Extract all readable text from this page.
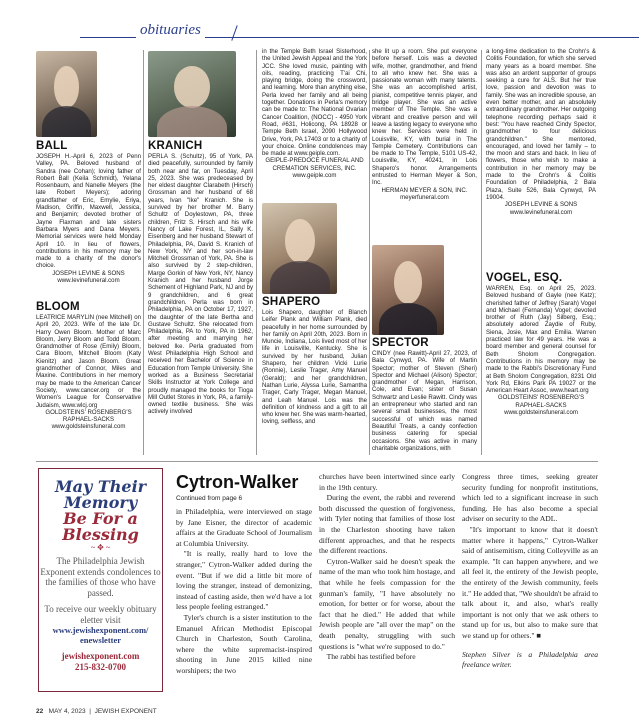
obituaries
BALL
JOSEPH H.-April 6, 2023 of Penn Valley, PA. Beloved husband of Sandra (nee Cohan); loving father of Robert Ball (Keila Schmidt), Yelana Rosenbaum, and Nanelle Meyers (the late Robert Meyers); adoring grandfather of Eric, Emylie, Eriya, Madison, Griffin, Maxwell, Jessica, and Benjamin; devoted brother of Jayne Flaxman and late sisters Barbara Myers and Dana Meyers. Memorial services were held Monday April 10. In lieu of flowers, contributions in his memory may be made to a charity of the donor's choice.
JOSEPH LEVINE & SONS
www.levinefuneral.com
BLOOM
LEATRICE MARYLIN (nee Mitchell) on April 20, 2023. Wife of the late Dr. Harry Owen Bloom. Mother of Marc Bloom, Jerry Bloom and Todd Bloom. Grandmother of Rose (Emily) Bloom, Cara Bloom, Mitchell Bloom (Katy Kienitz) and Jason Bloom. Great grandmother of Connor, Miles and Maxine. Contributions in her memory may be made to the American Cancer Society, www.cancer.org or the Women's League for Conservative Judaism, www.wlcj.org
GOLDSTEINS' ROSENBERG'S RAPHAEL-SACKS
www.goldsteinsfuneral.com
KRANICH
PERLA S. (Schultz), 95 of York, PA died peacefully, surrounded by family both near and far, on Tuesday, April 25, 2023. She was predeceased by her eldest daughter Clarabeth (Hirsch) Grossman and her husband of 68 years, Ivan "Ike" Kranich. She is survived by her brother M. Barry Schultz of Doylestown, PA, three children, Fritz S. Hirsch and his wife Nancy of Lake Forest, IL, Sally K. Eisenberg and her husband Stewart of Philadelphia, PA, David S. Kranich of New York, NY and her son-in-law Mitchell Grossman of York, PA. She is also survived by 2 step-children, Marge Gorkin of New York, NY, Nancy Kranich and her husband Jorge Schement of Highland Park, NJ and by 9 grandchildren, and 6 great grandchildren. Perla was born in Philadelphia, PA on October 17, 1927, the daughter of the late Bertha and Gustave Schultz. She relocated from Philadelphia, PA to York, PA in 1962, after meeting and marrying her beloved Ike. Perla graduated from West Philadelphia High School and received her Bachelor of Science in Education from Temple University. She worked as a Business Secretarial Skills Instructor at York College and proudly managed the books for Tioga Mill Outlet Stores in York, PA, a family-owned textile business. She was actively involved
in the Temple Beth Israel Sisterhood, the United Jewish Appeal and the York JCC. She loved music, painting with oils, reading, practicing T'ai Chi, playing bridge, doing the crossword, and learning. More than anything else, Perla loved her family and all being together. Donations in Perla's memory can be made to: The National Ovarian Cancer Coalition, (NOCC) - 4950 York Road, #631, Holicong, PA 18928 or Temple Beth Israel, 2090 Hollywood Drive, York, PA 17403 or to a charity of your choice. Online condolences may be made at www.geiple.com.
GEIPLE-PREDOCE FUNERAL AND CREMATION SERVICES, INC.
www.geiple.com
SHAPERO
Lois Shapero, daughter of Blanch Leifer Plank and William Plank, died peacefully in her home surrounded by her family on April 20th, 2023. Born in Muncie, Indiana, Lois lived most of her life in Louisville, Kentucky. She is survived by her husband, Julian Shapero, her children Vicki Lurie (Ronnie), Leslie Trager, Amy Manuel (Gerald); and her grandchildren, Nathan Lurie, Alyssa Lurie, Samantha Trager, Carly Trager, Megan Manuel, and Leah Manuel. Lois was the definition of kindness and a gift to all who knew her. She was warm-hearted, loving, selfless, and
she lit up a room. She put everyone before herself. Lois was a devoted wife, mother, grandmother, and friend to all who knew her. She was a passionate woman with many talents. She was an accomplished artist, pianist, competitive tennis player, and bridge player. She was an active member of The Temple. She was a vibrant and creative person and will leave a lasting legacy to everyone who knew her. Services were held in Louisville, KY, with burial in The Temple Cemetery. Contributions can be made to The Temple, 5101 US-42, Louisville, KY, 40241, in Lois Shapero's honor. Arrangements entrusted to Herman Meyer & Son, Inc.
HERMAN MEYER & SON, INC.
meyerfuneral.com
SPECTOR
CINDY (nee Rawitt)-April 27, 2023, of Bala Cynwyd, PA. Wife of Martin Spector; mother of Steven (Sheri) Spector and Michael (Alison) Spector; grandmother of Megan, Harrison, Cole, and Evan; sister of Susan Schwartz and Leslie Rawitt. Cindy was an entrepreneur who started and ran several small businesses, the most successful of which was named Beautiful Treats, a candy confection business catering for special occasions. She was active in many charitable organizations, with
a long-time dedication to the Crohn's & Colitis Foundation, for which she served many years as a board member. She was also an ardent supporter of groups seeking a cure for ALS. But her true love, passion and devotion was to family. She was an incredible spouse, an even better mother, and an absolutely extraordinary grandmother. Her outgoing telephone recording perhaps said it best: "You have reached Cindy Spector, grandmother to four delicious grandchildren." She mentored, encouraged, and loved her family – to the moon and stars and back. In lieu of flowers, those who wish to make a contribution in her memory may be made to the Crohn's & Colitis Foundation of Philadelphia, 2 Bala Plaza, Suite 526, Bala Cynwyd, PA 19004.
JOSEPH LEVINE & SONS
www.levinefuneral.com
VOGEL, ESQ.
WARREN, Esq. on April 25, 2023. Beloved husband of Gayle (nee Katz); cherished father of Jeffrey (Sarah) Vogel and Michael (Fernanda) Vogel; devoted brother of Ruth (Jay) Silberg, Esq.; absolutely adored Zaydie of Ruby, Siena, Josie, Max and Emilia. Warren practiced law for 49 years. He was a board member and general counsel for Beth Sholom Congregation. Contributions in his memory may be made to the Rabbi's Discretionary Fund at Beth Sholom Congregation, 8231 Old York Rd, Elkins Park PA 19027 or the American Heart Assoc, www.heart.org
GOLDSTEINS' ROSENBERG'S RAPHAEL-SACKS
www.goldsteinsfuneral.com
May Their
Memory
Be For a Blessing
~ ✥ ~
The Philadelphia Jewish Exponent extends condolences to the families of those who have passed.
To receive our weekly obituary eletter visit
www.jewishexponent.com/
enewsletter
jewishexponent.com
215-832-0700
Cytron-Walker
Continued from page 6
in Philadelphia, were interviewed on stage by Jane Eisner, the director of academic affairs at the Graduate School of Journalism at Columbia University.
 "It is really, really hard to love the stranger," Cytron-Walker added during the event. "But if we did a little bit more of loving the stranger, instead of demonizing, instead of casting aside, then we'd have a lot less people feeling estranged."
 Tyler's church is a sister institution to the Emanuel African Methodist Episcopal Church in Charleston, South Carolina, where the white supremacist-inspired shooting in June 2015 killed nine worshipers; the two
churches have been intertwined since early in the 19th century.
 During the event, the rabbi and reverend both discussed the question of forgiveness, with Tyler noting that families of those lost in the Charleston shooting have taken different approaches, and that he respects the different reactions.
 Cytron-Walker said he doesn't speak the name of the man who took him hostage, and that while he feels compassion for the gunman's family, "I have absolutely no emotion, for better or for worse, about the fact that he died." He added that while Jewish people are "all over the map" on the death penalty, struggling with such questions is "what we're supposed to do."
 The rabbi has testified before
Congress three times, seeking greater security funding for nonprofit institutions, which led to a significant increase in such funding. He has also become a special adviser on security to the ADL.
 "It's important to know that it doesn't matter where it happens," Cytron-Walker said of antisemitism, citing Colleyville as an example. "It can happen anywhere, and we all feel it, the entirety of the Jewish people, the entirety of the Jewish community, feels it." He added that, "We shouldn't be afraid to talk about it, and also, what's really important is not only that we ask others to stand up for us, but also to make sure that we stand up for others." ■
Stephen Silver is a Philadelphia area freelance writer.
22 MAY 4, 2023 | JEWISH EXPONENT
